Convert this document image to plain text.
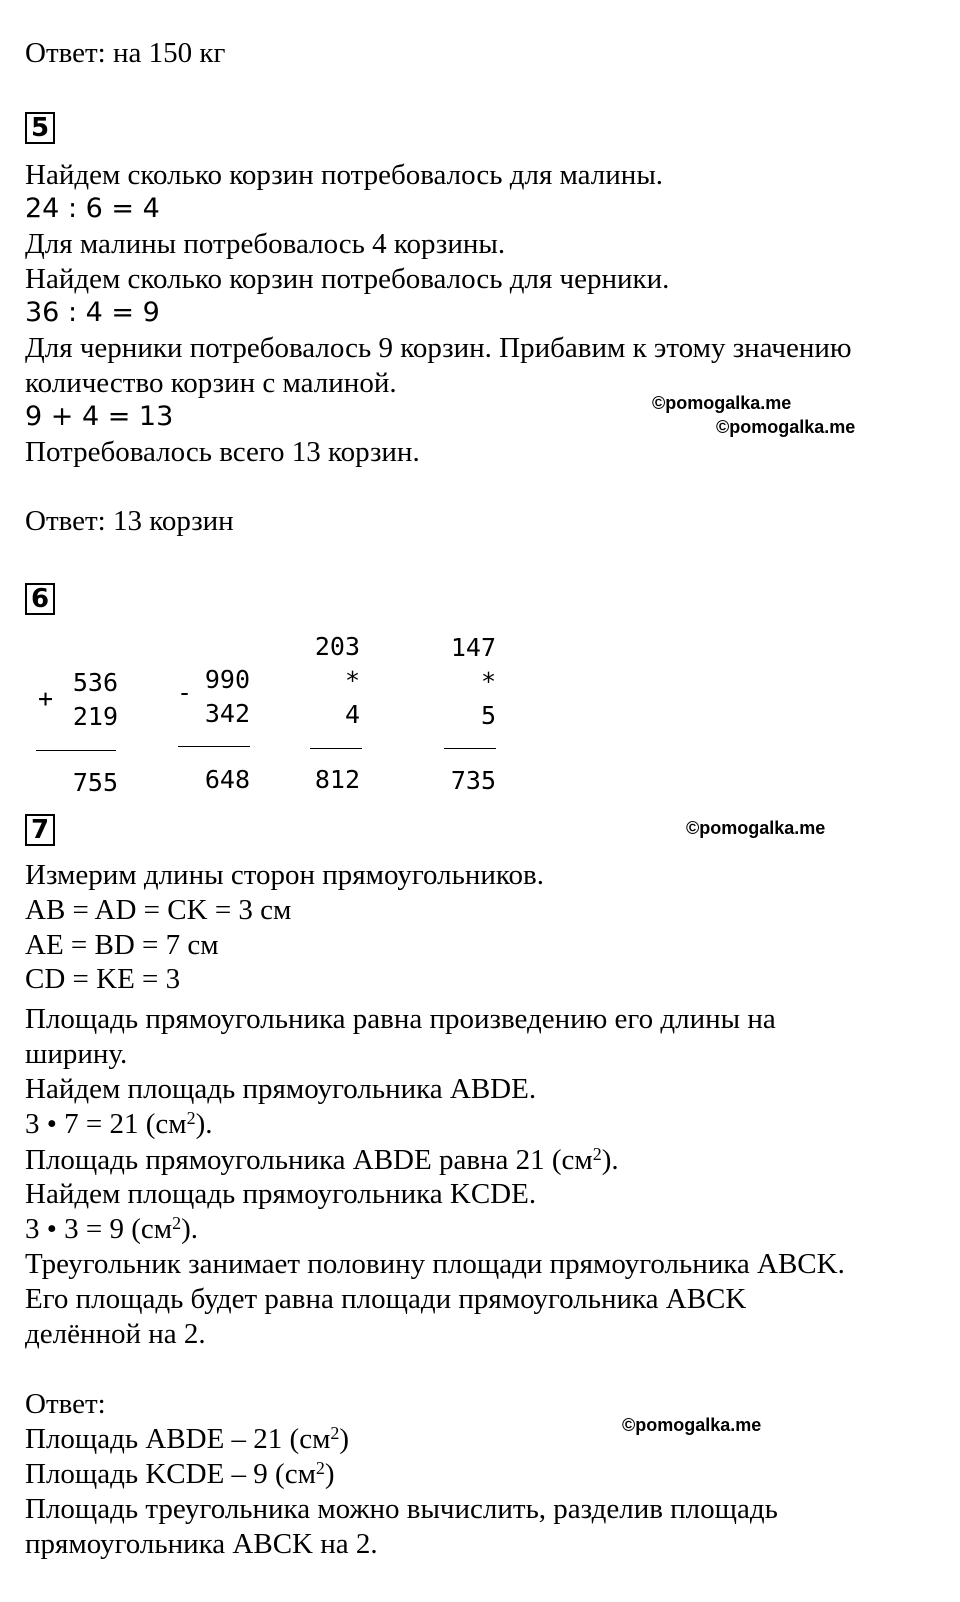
Ответ: на 150 кг
5
Найдем сколько корзин потребовалось для малины.
24 : 6 = 4
Для малины потребовалось 4 корзины.
Найдем сколько корзин потребовалось для черники.
36 : 4 = 9
Для черники потребовалось 9 корзин. Прибавим к этому значению
количество корзин с малиной.
9 + 4 = 13
Потребовалось всего 13 корзин.
Ответ: 13 корзин
©pomogalka.me
©pomogalka.me
6
+
536
219
755
- 990
342
648
203
*
4
812
147
*
5
735
7	©pomogalka.me
Измерим длины сторон прямоугольников.
AB = AD = CK = 3 см
AE = BD = 7 см
CD = KE = 3
Площадь прямоугольника равна произведению его длины на
ширину.
Найдем площадь прямоугольника ABDE.
3 • 7 = 21 $(см^2)$.
Площадь прямоугольника ABDE равна 21 $(см^2)$.
Найдем площадь прямоугольника KCDE.
3 • 3 = 9 $(см^2)$.
Треугольник занимает половину площади прямоугольника ABCK.
Его площадь будет равна площади прямоугольника ABCK
делённой на 2.
Ответ:
Площадь ABDE – 21 $(см^2)$
Площадь KCDE – 9 $(см^2)$
Площадь треугольника можно вычислить, разделив площадь
прямоугольника ABCK на 2.
©pomogalka.me
